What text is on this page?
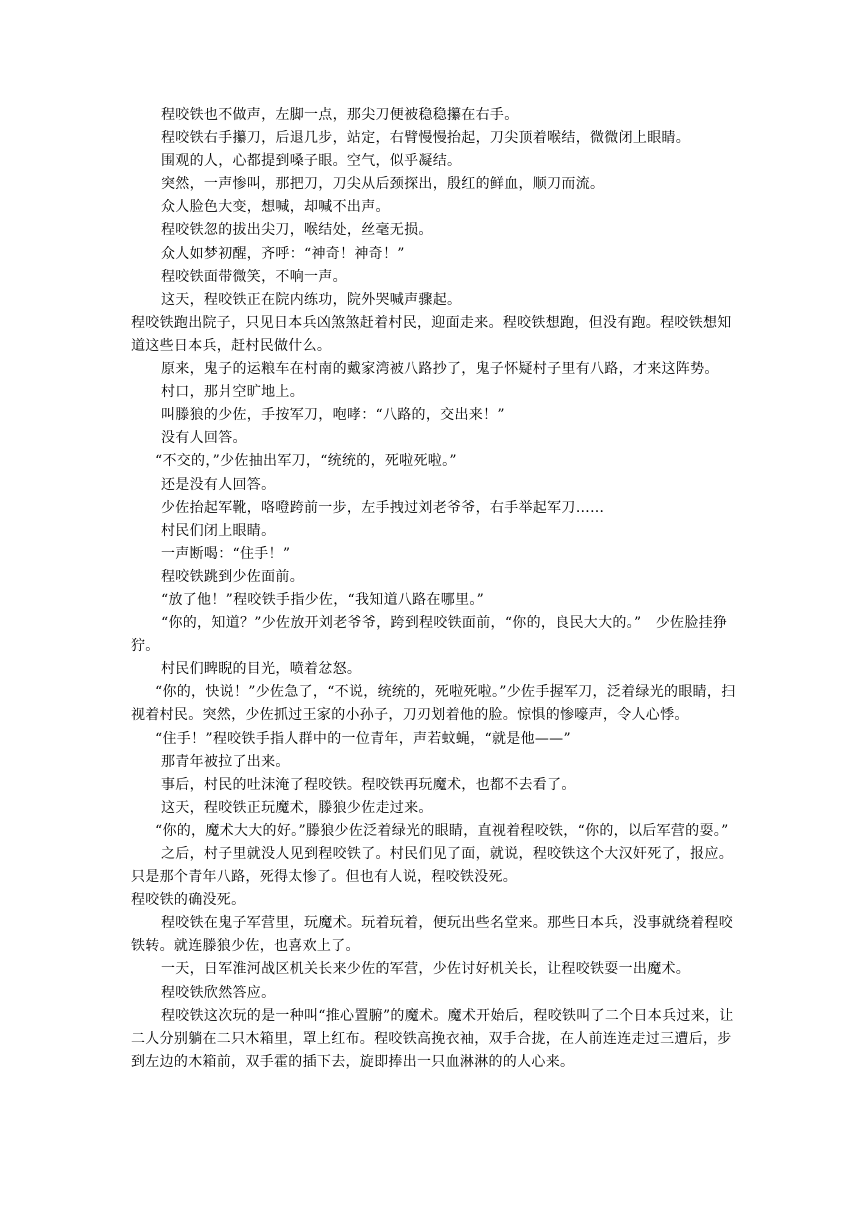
程咬铁也不做声，左脚一点，那尖刀便被稳稳攥在右手。

程咬铁右手攥刀，后退几步，站定，右臂慢慢抬起，刀尖顶着喉结，微微闭上眼睛。

围观的人，心都提到嗓子眼。空气，似乎凝结。

突然，一声惨叫，那把刀，刀尖从后颈探出，殷红的鲜血，顺刀而流。

众人脸色大变，想喊，却喊不出声。

程咬铁忽的拔出尖刀，喉结处，丝毫无损。

众人如梦初醒，齐呼：“神奇！神奇！”

程咬铁面带微笑，不响一声。

这天，程咬铁正在院内练功，院外哭喊声骤起。

程咬铁跑出院子，只见日本兵凶煞煞赶着村民，迎面走来。程咬铁想跑，但没有跑。程咬铁想知道这些日本兵，赶村民做什么。

原来，鬼子的运粮车在村南的戴家湾被八路抄了，鬼子怀疑村子里有八路，才来这阵势。

村口，那爿空旷地上。

叫滕狼的少佐，手按军刀，咆哮：“八路的，交出来！”

没有人回答。

“不交的，”少佐抽出军刀，“统统的，死啦死啦。”

还是没有人回答。

少佐抬起军靴，咯噔跨前一步，左手拽过刘老爷爷，右手举起军刀……

村民们闭上眼睛。

一声断喝：“住手！”

程咬铁跳到少佐面前。

“放了他！”程咬铁手指少佐，“我知道八路在哪里。”

“你的，知道？”少佐放开刘老爷爷，跨到程咬铁面前，“你的，良民大大的。”　少佐脸挂狰狞。

村民们睥睨的目光，喷着忿怒。

“你的，快说！”少佐急了，“不说，统统的，死啦死啦。”少佐手握军刀，泛着绿光的眼睛，扫视着村民。突然，少佐抓过王家的小孙子，刀刃划着他的脸。惊惧的惨嚎声，令人心悸。

“住手！”程咬铁手指人群中的一位青年，声若蚊蝇，“就是他——”

那青年被拉了出来。

事后，村民的吐沫淹了程咬铁。程咬铁再玩魔术，也都不去看了。

这天，程咬铁正玩魔术，滕狼少佐走过来。

“你的，魔术大大的好。”滕狼少佐泛着绿光的眼睛，直视着程咬铁，“你的，以后军营的耍。”

之后，村子里就没人见到程咬铁了。村民们见了面，就说，程咬铁这个大汉奸死了，报应。只是那个青年八路，死得太惨了。但也有人说，程咬铁没死。

程咬铁的确没死。

程咬铁在鬼子军营里，玩魔术。玩着玩着，便玩出些名堂来。那些日本兵，没事就绕着程咬铁转。就连滕狼少佐，也喜欢上了。

一天，日军淮河战区机关长来少佐的军营，少佐讨好机关长，让程咬铁耍一出魔术。

程咬铁欣然答应。

程咬铁这次玩的是一种叫“推心置腑”的魔术。魔术开始后，程咬铁叫了二个日本兵过来，让二人分别躺在二只木箱里，罩上红布。程咬铁高挽衣袖，双手合拢，在人前连连走过三遭后，步到左边的木箱前，双手霍的插下去，旋即捧出一只血淋淋的的人心来。
